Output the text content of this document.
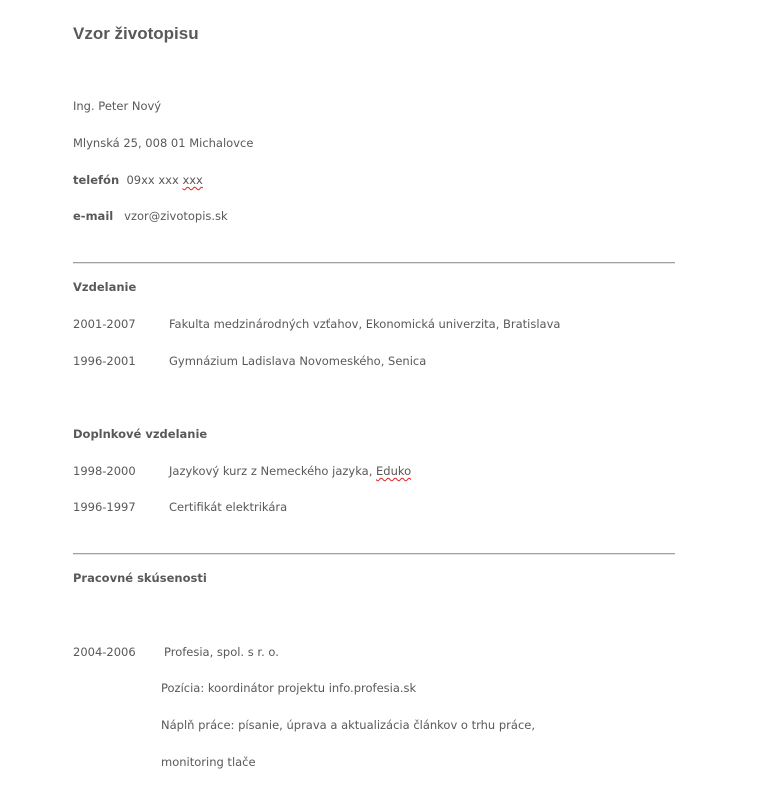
Vzor životopisu
Ing. Peter Nový
Mlynská 25, 008 01 Michalovce
telefón 09xx xxx xxx
e-mail vzor@zivotopis.sk
Vzdelanie
2001-2007	Fakulta medzinárodných vzťahov, Ekonomická univerzita, Bratislava
1996-2001	Gymnázium Ladislava Novomeského, Senica
Doplnkové vzdelanie
1998-2000	Jazykový kurz z Nemeckého jazyka, Eduko
1996-1997	Certifikát elektrikára
Pracovné skúsenosti
2004-2006 Profesia, spol. s r. o.
Pozícia: koordinátor projektu info.profesia.sk
Náplň práce: písanie, úprava a aktualizácia článkov o trhu práce,
monitoring tlače
